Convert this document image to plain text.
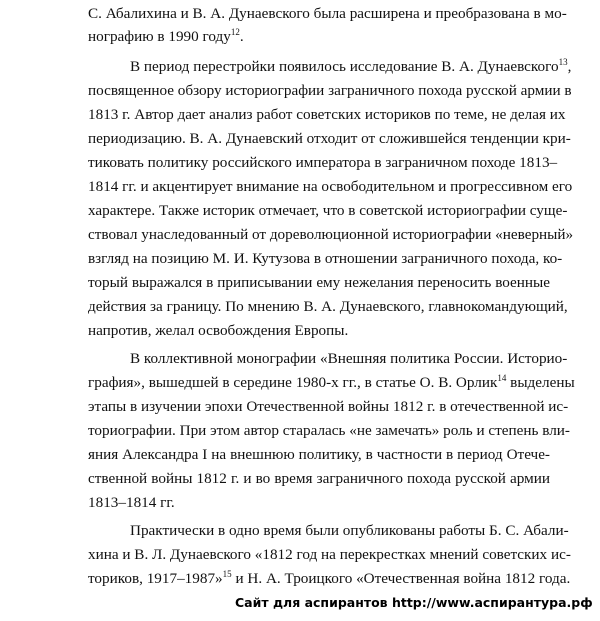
С. Абалихина и В. А. Дунаевского была расширена и преобразована в мо-
нографию в 1990 году$^{12}$.
В период перестройки появилось исследование В. А. Дунаевского$^{13}$,
посвященное обзору историографии заграничного похода русской армии в
1813 г. Автор дает анализ работ советских историков по теме, не делая их
периодизацию. В. А. Дунаевский отходит от сложившейся тенденции кри-
тиковать политику российского императора в заграничном походе 1813–
1814 гг. и акцентирует внимание на освободительном и прогрессивном его
характере. Также историк отмечает, что в советской историографии суще-
ствовал унаследованный от дореволюционной историографии «неверный»
взгляд на позицию М. И. Кутузова в отношении заграничного похода, ко-
торый выражался в приписывании ему нежелания переносить военные
действия за границу. По мнению В. А. Дунаевского, главнокомандующий,
напротив, желал освобождения Европы.
В коллективной монографии «Внешняя политика России. Историо-
графия», вышедшей в середине 1980-х гг., в статье О. В. Орлик$^{14}$ выделены
этапы в изучении эпохи Отечественной войны 1812 г. в отечественной ис-
ториографии. При этом автор старалась «не замечать» роль и степень вли-
яния Александра I на внешнюю политику, в частности в период Отече-
ственной войны 1812 г. и во время заграничного похода русской армии
1813–1814 гг.
Практически в одно время были опубликованы работы Б. С. Абали-
хина и В. Л. Дунаевского «1812 год на перекрестках мнений советских ис-
ториков, 1917–1987»$^{15}$ и Н. А. Троицкого «Отечественная война 1812 года.
Сайт для аспирантов http://www.аспирантура.рф
